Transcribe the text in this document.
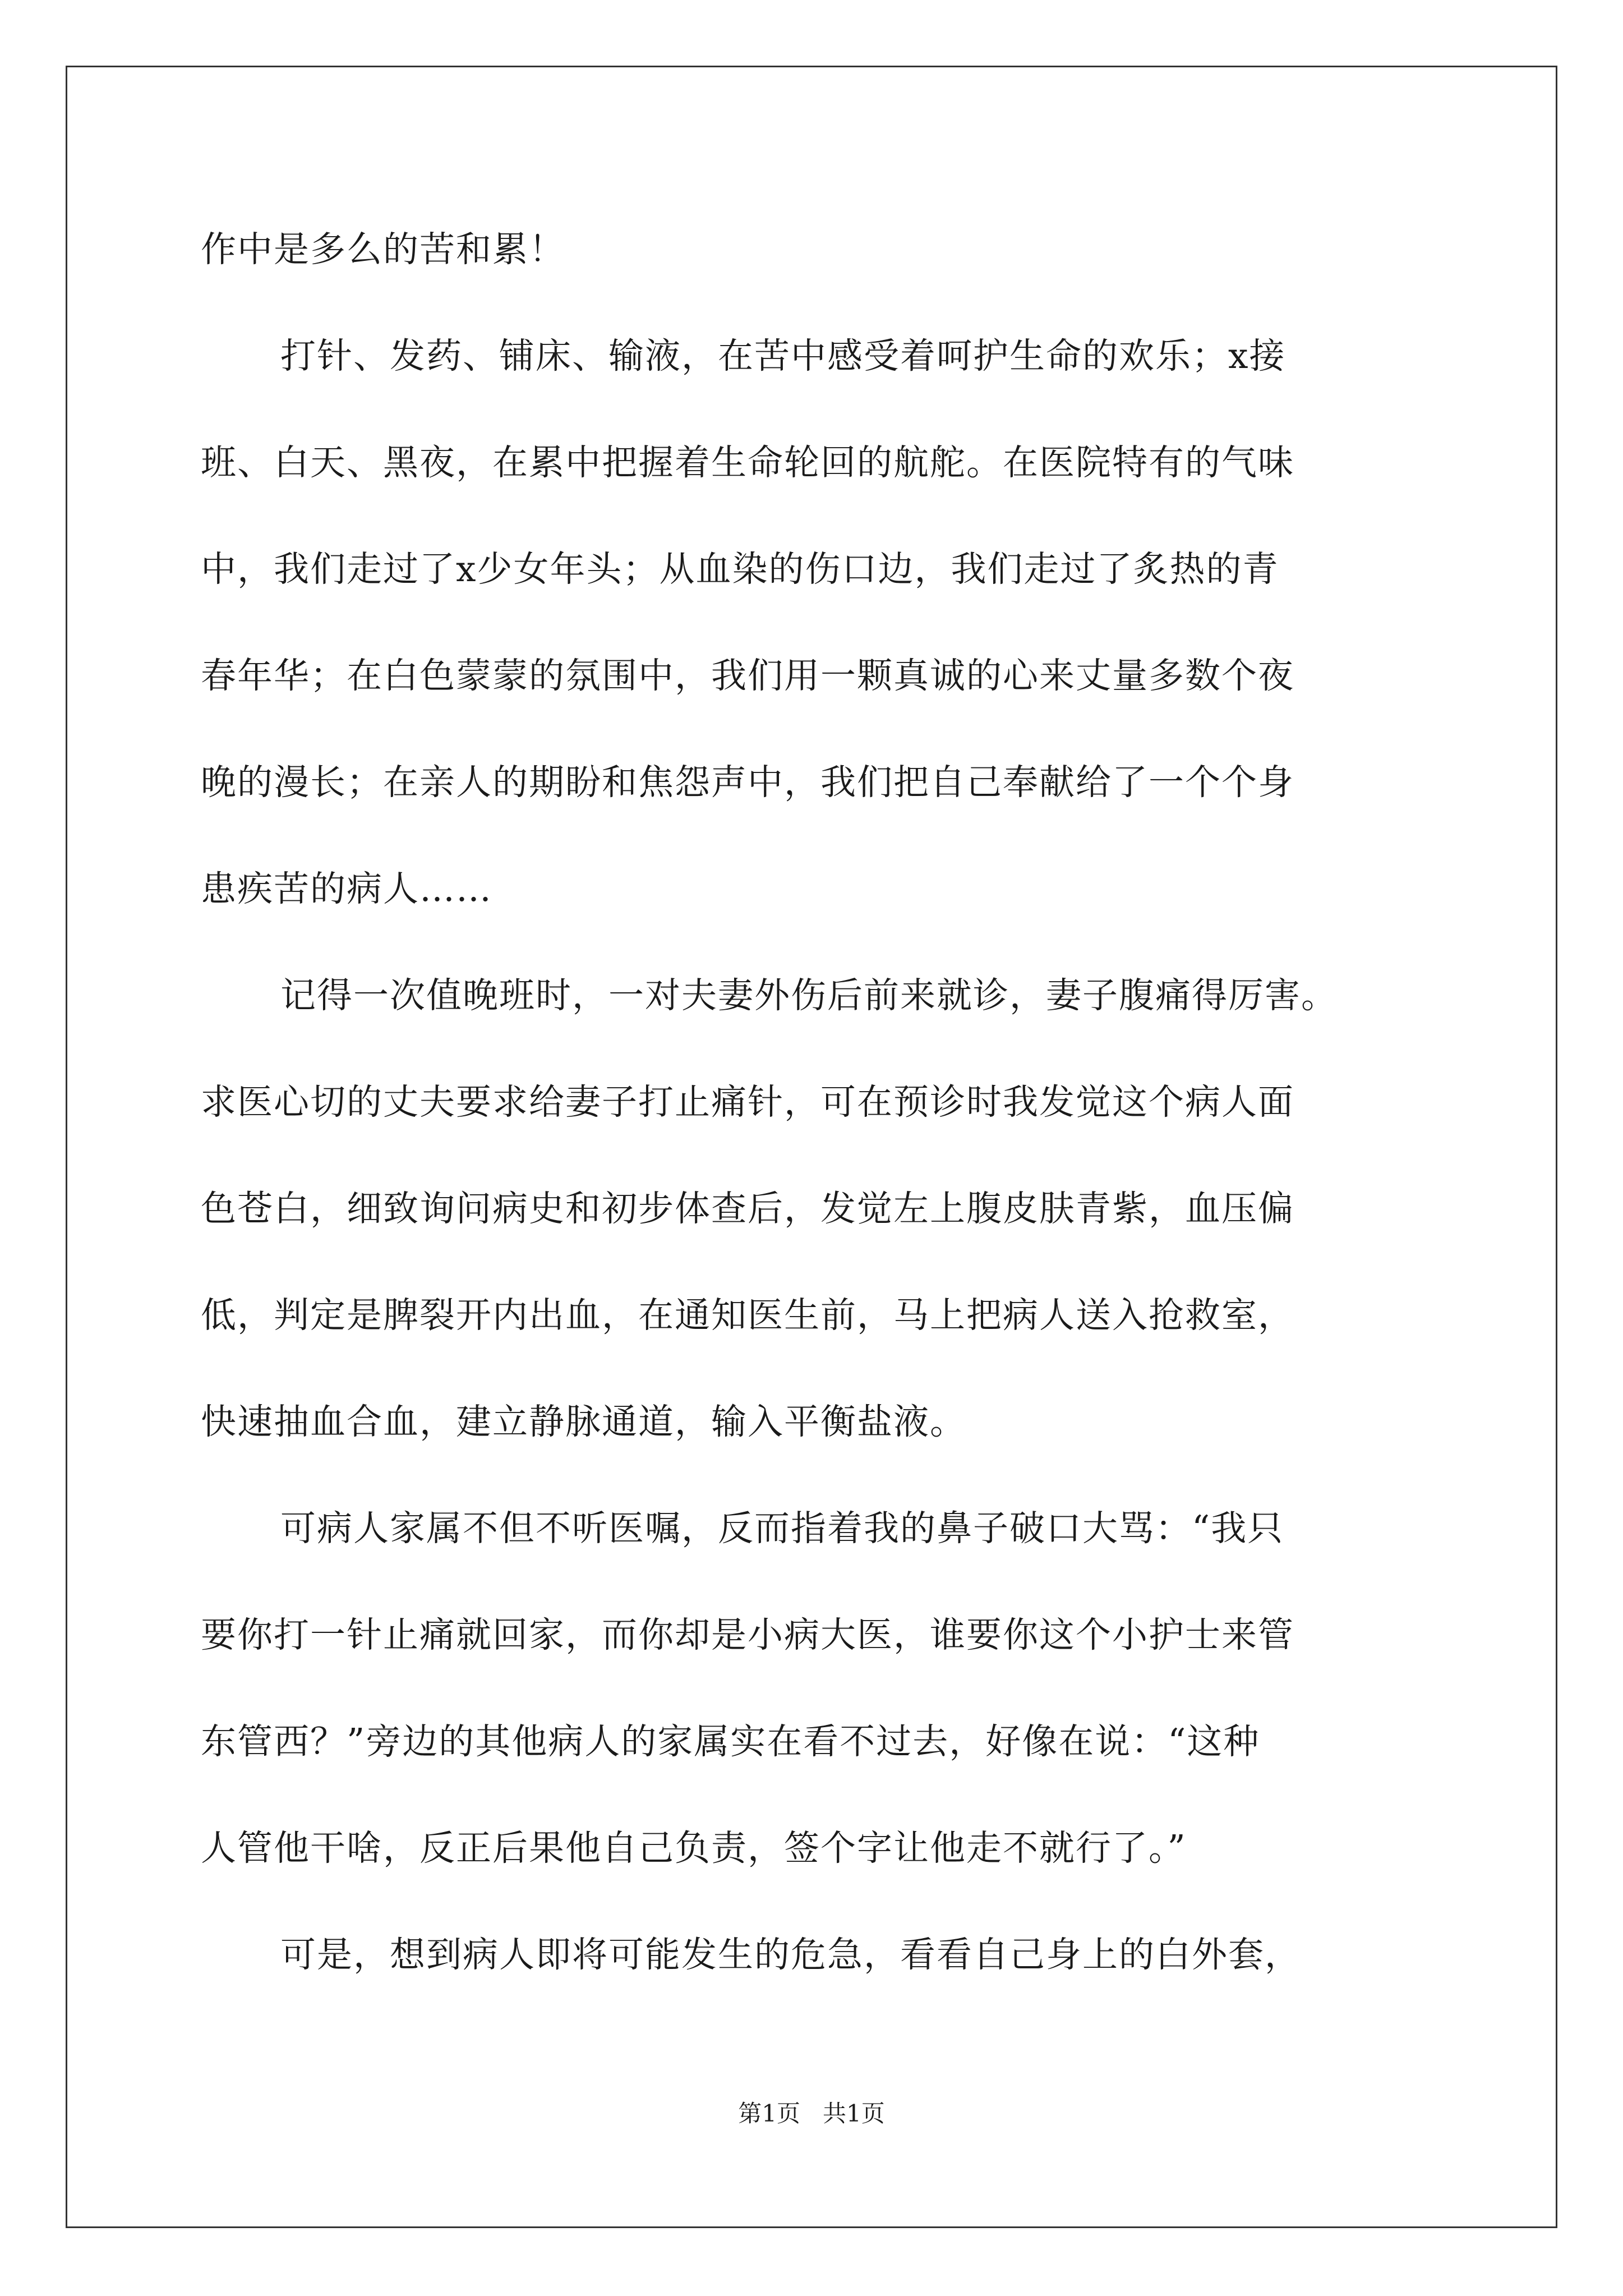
作中是多么的苦和累！
打针、发药、铺床、输液，在苦中感受着呵护生命的欢乐；x接
班、白天、黑夜，在累中把握着生命轮回的航舵。在医院特有的气味
中，我们走过了x少女年头；从血染的伤口边，我们走过了炙热的青
春年华；在白色蒙蒙的氛围中，我们用一颗真诚的心来丈量多数个夜
晚的漫长；在亲人的期盼和焦怨声中，我们把自己奉献给了一个个身
患疾苦的病人……
记得一次值晚班时，一对夫妻外伤后前来就诊，妻子腹痛得厉害。
求医心切的丈夫要求给妻子打止痛针，可在预诊时我发觉这个病人面
色苍白，细致询问病史和初步体查后，发觉左上腹皮肤青紫，血压偏
低，判定是脾裂开内出血，在通知医生前，马上把病人送入抢救室，
快速抽血合血，建立静脉通道，输入平衡盐液。
可病人家属不但不听医嘱，反而指着我的鼻子破口大骂：“我只
要你打一针止痛就回家，而你却是小病大医，谁要你这个小护士来管
东管西？”旁边的其他病人的家属实在看不过去，好像在说：“这种
人管他干啥，反正后果他自己负责，签个字让他走不就行了。”
可是，想到病人即将可能发生的危急，看看自己身上的白外套，
第1页 共1页
